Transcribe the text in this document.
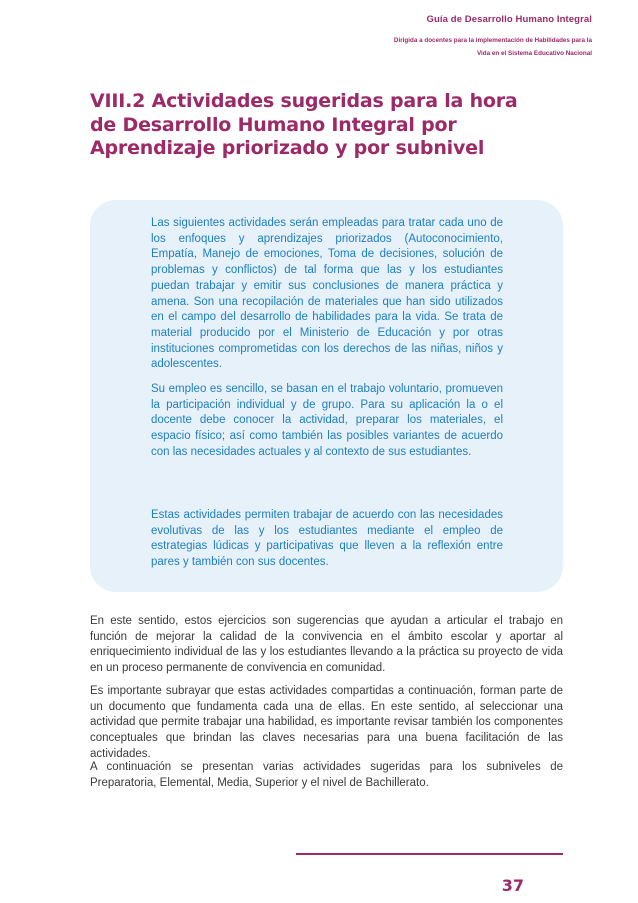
Guía de Desarrollo Humano Integral
Dirigida a docentes para la implementación de Habilidades para la
Vida en el Sistema Educativo Nacional
VIII.2 Actividades sugeridas para la hora de Desarrollo Humano Integral por Aprendizaje priorizado y por subnivel

Las siguientes actividades serán empleadas para tratar cada uno de los enfoques y aprendizajes priorizados (Autoconocimiento, Empatía, Manejo de emociones, Toma de decisiones, solución de problemas y conflictos) de tal forma que las y los estudiantes puedan trabajar y emitir sus conclusiones de manera práctica y amena. Son una recopilación de materiales que han sido utilizados en el campo del desarrollo de habilidades para la vida. Se trata de material producido por el Ministerio de Educación y por otras instituciones comprometidas con los derechos de las niñas, niños y adolescentes.

Su empleo es sencillo, se basan en el trabajo voluntario, promueven la participación individual y de grupo. Para su aplicación la o el docente debe conocer la actividad, preparar los materiales, el espacio físico; así como también las posibles variantes de acuerdo con las necesidades actuales y al contexto de sus estudiantes.

Estas actividades permiten trabajar de acuerdo con las necesidades evolutivas de las y los estudiantes mediante el empleo de estrategias lúdicas y participativas que lleven a la reflexión entre pares y también con sus docentes.

En este sentido, estos ejercicios son sugerencias que ayudan a articular el trabajo en función de mejorar la calidad de la convivencia en el ámbito escolar y aportar al enriquecimiento individual de las y los estudiantes llevando a la práctica su proyecto de vida en un proceso permanente de convivencia en comunidad.

Es importante subrayar que estas actividades compartidas a continuación, forman parte de un documento que fundamenta cada una de ellas. En este sentido, al seleccionar una actividad que permite trabajar una habilidad, es importante revisar también los componentes conceptuales que brindan las claves necesarias para una buena facilitación de las actividades.

A continuación se presentan varias actividades sugeridas para los subniveles de Preparatoria, Elemental, Media, Superior y el nivel de Bachillerato.

37
